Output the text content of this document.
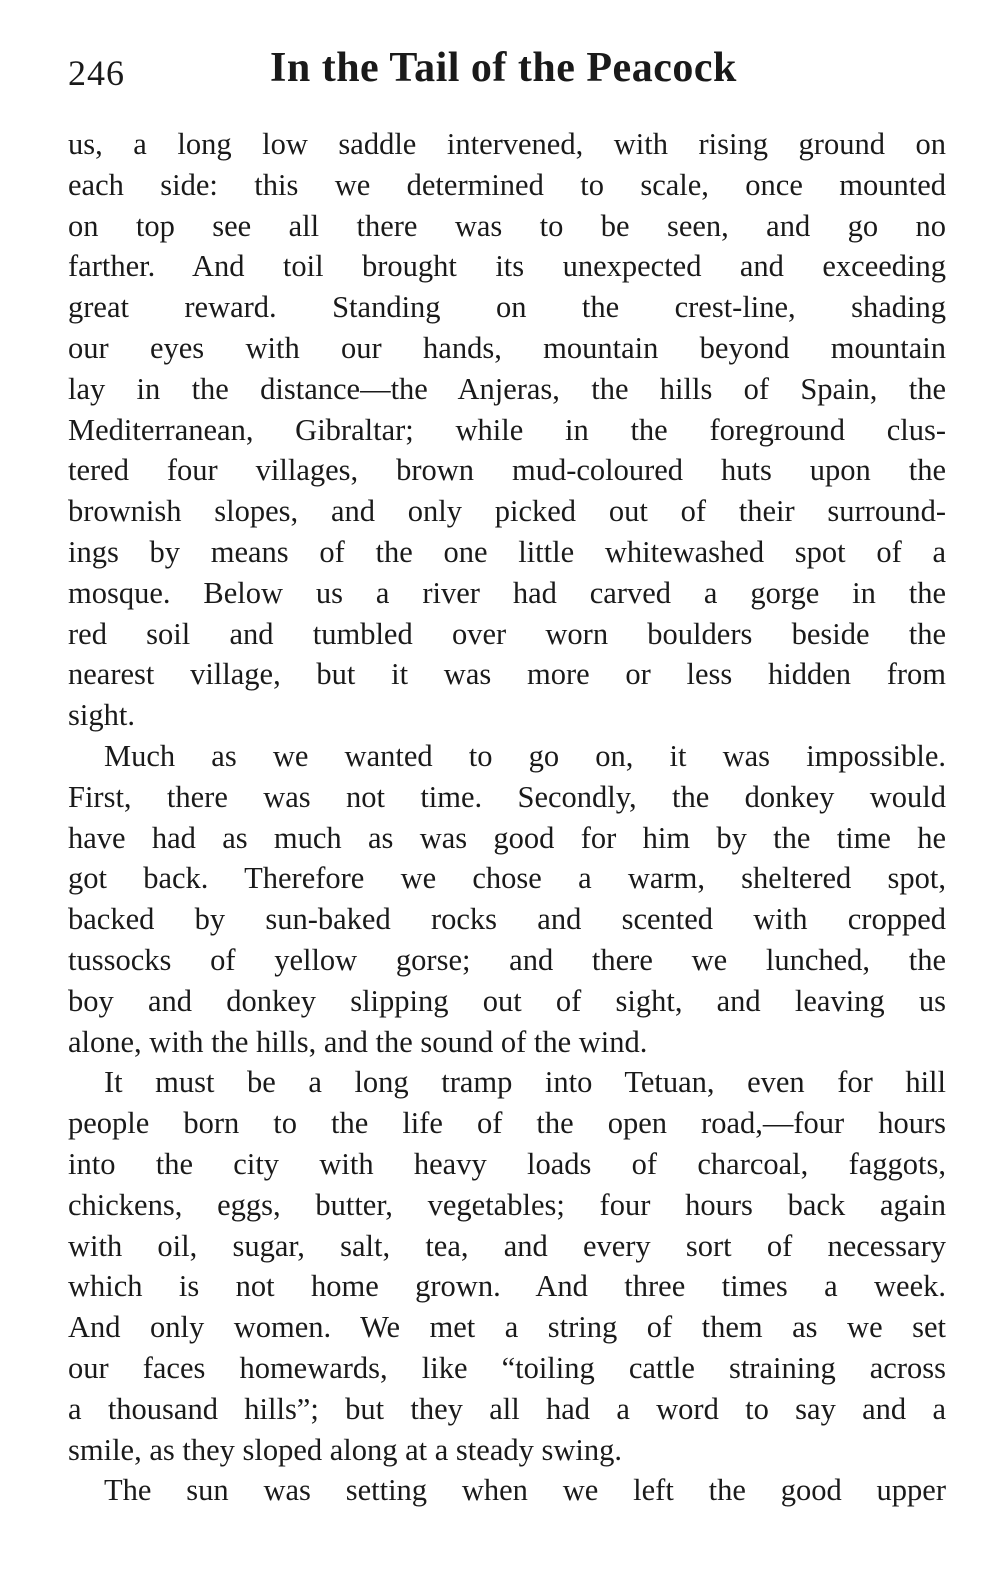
246	In the Tail of the Peacock

us, a long low saddle intervened, with rising ground on

each side: this we determined to scale, once mounted

on top see all there was to be seen, and go no

farther. And toil brought its unexpected and exceeding

great reward. Standing on the crest-line, shading

our eyes with our hands, mountain beyond mountain

lay in the distance—the Anjeras, the hills of Spain, the

Mediterranean, Gibraltar; while in the foreground clus-

tered four villages, brown mud-coloured huts upon the

brownish slopes, and only picked out of their surround-

ings by means of the one little whitewashed spot of a

mosque. Below us a river had carved a gorge in the

red soil and tumbled over worn boulders beside the

nearest village, but it was more or less hidden from

sight.

Much as we wanted to go on, it was impossible.

First, there was not time. Secondly, the donkey would

have had as much as was good for him by the time he

got back. Therefore we chose a warm, sheltered spot,

backed by sun-baked rocks and scented with cropped

tussocks of yellow gorse; and there we lunched, the

boy and donkey slipping out of sight, and leaving us

alone, with the hills, and the sound of the wind.

It must be a long tramp into Tetuan, even for hill

people born to the life of the open road,—four hours

into the city with heavy loads of charcoal, faggots,

chickens, eggs, butter, vegetables; four hours back again

with oil, sugar, salt, tea, and every sort of necessary

which is not home grown. And three times a week.

And only women. We met a string of them as we set

our faces homewards, like “toiling cattle straining across

a thousand hills”; but they all had a word to say and a

smile, as they sloped along at a steady swing.

The sun was setting when we left the good upper
